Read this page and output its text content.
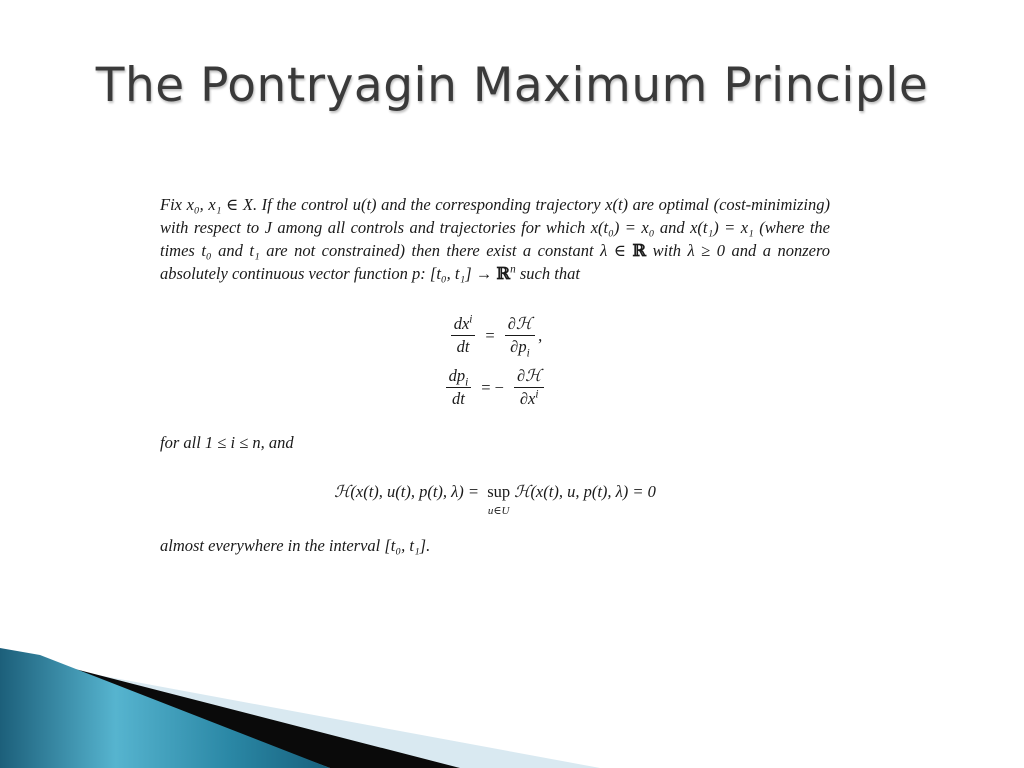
The Pontryagin Maximum Principle

Fix x₀, x₁ ∈ X. If the control u(t) and the corresponding trajectory x(t) are optimal (cost-minimizing) with respect to J among all controls and trajectories for which x(t₀) = x₀ and x(t₁) = x₁ (where the times t₀ and t₁ are not constrained) then there exist a constant λ ∈ ℝ with λ ≥ 0 and a nonzero absolutely continuous vector function p: [t₀, t₁] → ℝ$^n$ such that

$\frac{dx^i}{dt} = \frac{\text{∂ℋ}}{\partial p_i}$ ,
$\frac{dp_i}{dt}$ = − $\frac{\text{∂ℋ}}{\partial x^i}$

for all 1 ≤ i ≤ n, and

ℋ(x(t), u(t), p(t), λ) = sup
u∈U
ℋ(x(t), u, p(t), λ) = 0

almost everywhere in the interval [t₀, t₁].
